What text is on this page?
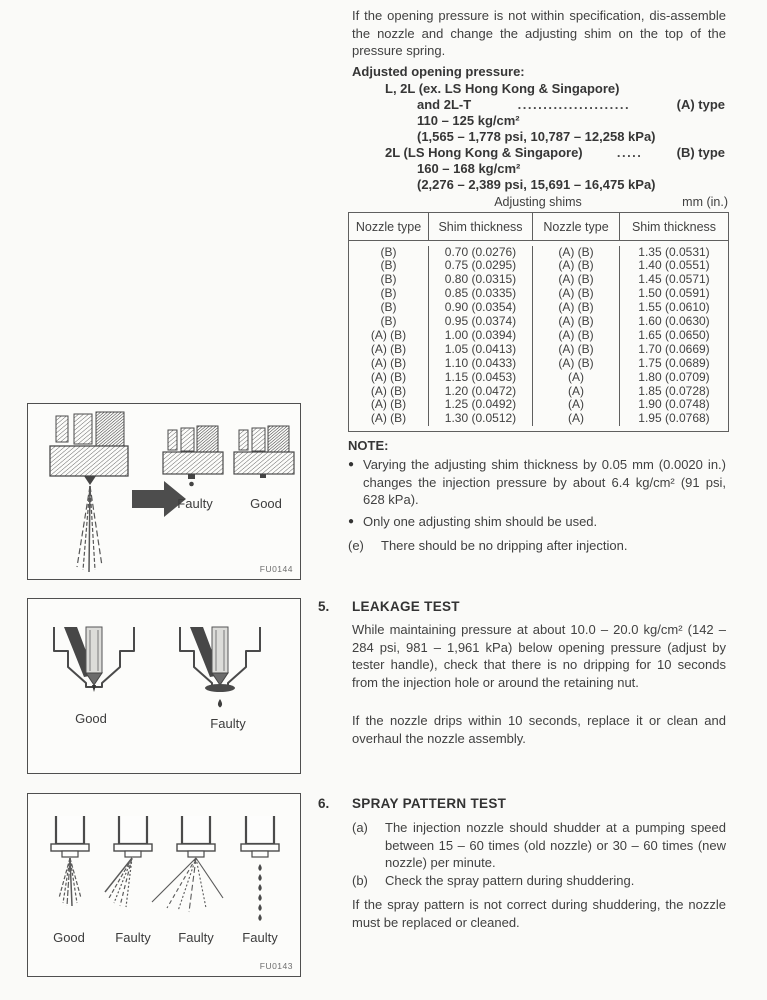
If the opening pressure is not within specification, dis-assemble the nozzle and change the adjusting shim on the top of the pressure spring.
Adjusted opening pressure:
L, 2L (ex. LS Hong Kong & Singapore)
and 2L-T	......................	(A) type
110 – 125 kg/cm²
(1,565 – 1,778 psi, 10,787 – 12,258 kPa)
2L (LS Hong Kong & Singapore)	.....	(B) type
160 – 168 kg/cm²
(2,276 – 2,389 psi, 15,691 – 16,475 kPa)
Adjusting shims	mm (in.)
Nozzle type	Shim thickness	Nozzle type	Shim thickness
(B)	0.70 (0.0276)	(A) (B)	1.35 (0.0531)
(B)	0.75 (0.0295)	(A) (B)	1.40 (0.0551)
(B)	0.80 (0.0315)	(A) (B)	1.45 (0.0571)
(B)	0.85 (0.0335)	(A) (B)	1.50 (0.0591)
(B)	0.90 (0.0354)	(A) (B)	1.55 (0.0610)
(B)	0.95 (0.0374)	(A) (B)	1.60 (0.0630)
(A) (B)	1.00 (0.0394)	(A) (B)	1.65 (0.0650)
(A) (B)	1.05 (0.0413)	(A) (B)	1.70 (0.0669)
(A) (B)	1.10 (0.0433)	(A) (B)	1.75 (0.0689)
(A) (B)	1.15 (0.0453)	(A)	1.80 (0.0709)
(A) (B)	1.20 (0.0472)	(A)	1.85 (0.0728)
(A) (B)	1.25 (0.0492)	(A)	1.90 (0.0748)
(A) (B)	1.30 (0.0512)	(A)	1.95 (0.0768)

NOTE:
● Varying the adjusting shim thickness by 0.05 mm (0.0020 in.) changes the injection pressure by about 6.4 kg/cm² (91 psi, 628 kPa).
● Only one adjusting shim should be used.
(e)	There should be no dripping after injection.
5. LEAKAGE TEST
While maintaining pressure at about 10.0 – 20.0 kg/cm² (142 – 284 psi, 981 – 1,961 kPa) below opening pressure (adjust by tester handle), check that there is no dripping for 10 seconds from the injection hole or around the retaining nut.
If the nozzle drips within 10 seconds, replace it or clean and overhaul the nozzle assembly.
6. SPRAY PATTERN TEST
(a)	The injection nozzle should shudder at a pumping speed between 15 – 60 times (old nozzle) or 30 – 60 times (new nozzle) per minute.
(b)	Check the spray pattern during shuddering.
If the spray pattern is not correct during shuddering, the nozzle must be replaced or cleaned.
Faulty	Good
FU0144
Good	Faulty
Good	Faulty	Faulty	Faulty
FU0143
